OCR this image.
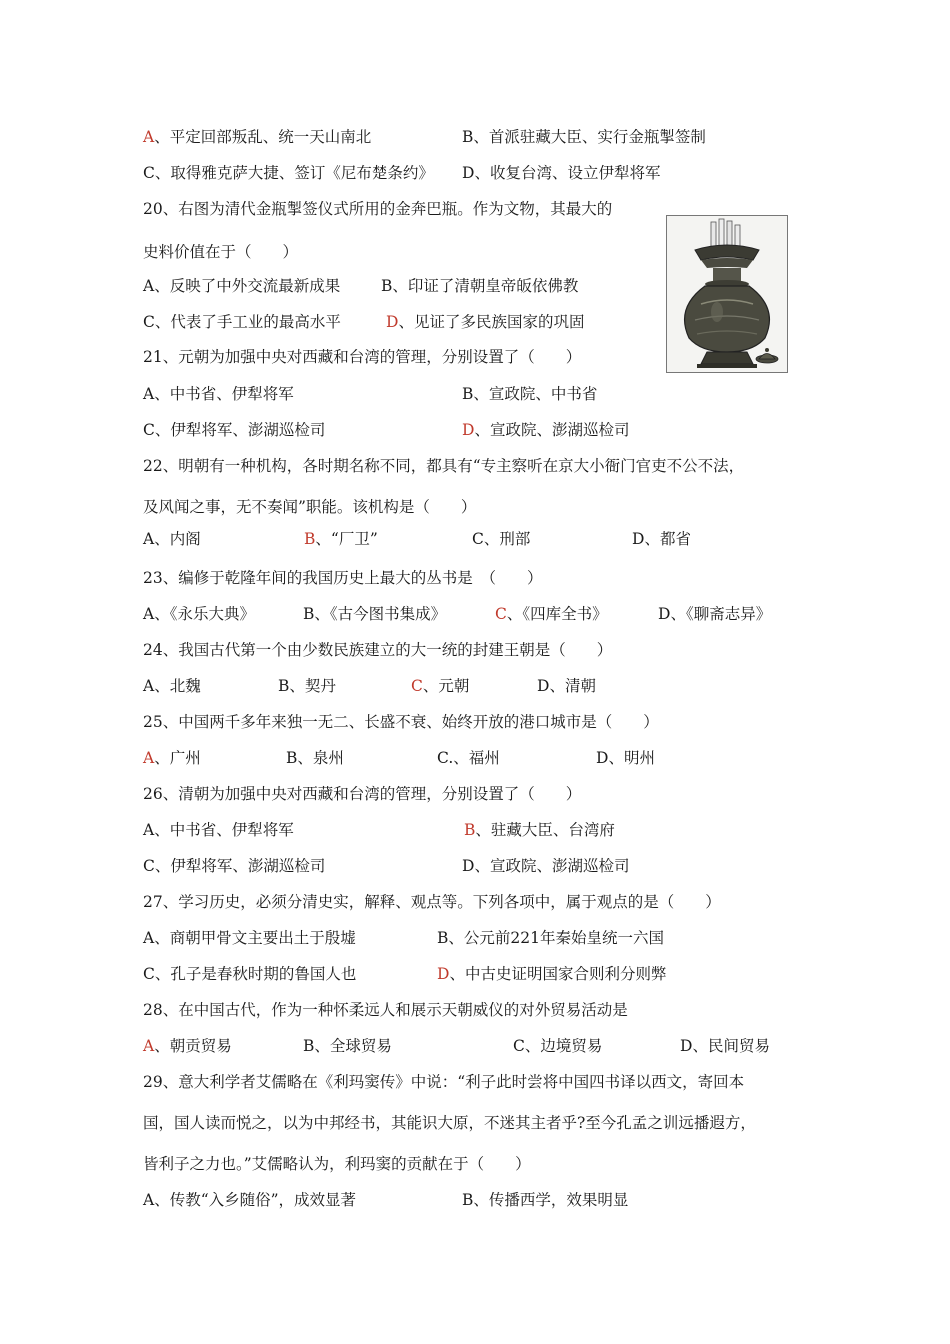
A、平定回部叛乱、统一天山南北	B、首派驻藏大臣、实行金瓶掣签制
C、取得雅克萨大捷、签订《尼布楚条约》 D、收复台湾、设立伊犁将军
20、右图为清代金瓶掣签仪式所用的金奔巴瓶。作为文物，其最大的
史料价值在于（　　）
A、反映了中外交流最新成果	B、印证了清朝皇帝皈依佛教
C、代表了手工业的最高水平	D、见证了多民族国家的巩固
21、元朝为加强中央对西藏和台湾的管理，分别设置了（　　）
A、中书省、伊犁将军	B、宣政院、中书省
C、伊犁将军、澎湖巡检司	D、宣政院、澎湖巡检司
22、明朝有一种机构，各时期名称不同，都具有“专主察听在京大小衙门官吏不公不法，
及风闻之事，无不奏闻”职能。该机构是（　　）
A、内阁	B、“厂卫”	C、刑部	D、都省
23、编修于乾隆年间的我国历史上最大的丛书是　（　　）
A、《永乐大典》	B、《古今图书集成》	C、《四库全书》	D、《聊斋志异》
24、我国古代第一个由少数民族建立的大一统的封建王朝是（　　）
A、北魏	B、契丹	C、元朝	D、清朝
25、中国两千多年来独一无二、长盛不衰、始终开放的港口城市是（　　）
A、广州	B、泉州	C.、福州	D、明州
26、清朝为加强中央对西藏和台湾的管理，分别设置了（　　）
A、中书省、伊犁将军	B、驻藏大臣、台湾府
C、伊犁将军、澎湖巡检司	D、宣政院、澎湖巡检司
27、学习历史，必须分清史实，解释、观点等。下列各项中，属于观点的是（　　）
A、商朝甲骨文主要出土于殷墟	B、公元前221年秦始皇统一六国
C、孔子是春秋时期的鲁国人也	D、中古史证明国家合则利分则弊
28、在中国古代，作为一种怀柔远人和展示天朝威仪的对外贸易活动是
A、朝贡贸易	B、全球贸易	C、边境贸易	D、民间贸易
29、意大利学者艾儒略在《利玛窦传》中说：“利子此时尝将中国四书译以西文，寄回本
国，国人读而悦之，以为中邦经书，其能识大原，不迷其主者乎?至今孔孟之训远播遐方，
皆利子之力也。”艾儒略认为，利玛窦的贡献在于（　　）
A、传教“入乡随俗”，成效显著	B、传播西学，效果明显
